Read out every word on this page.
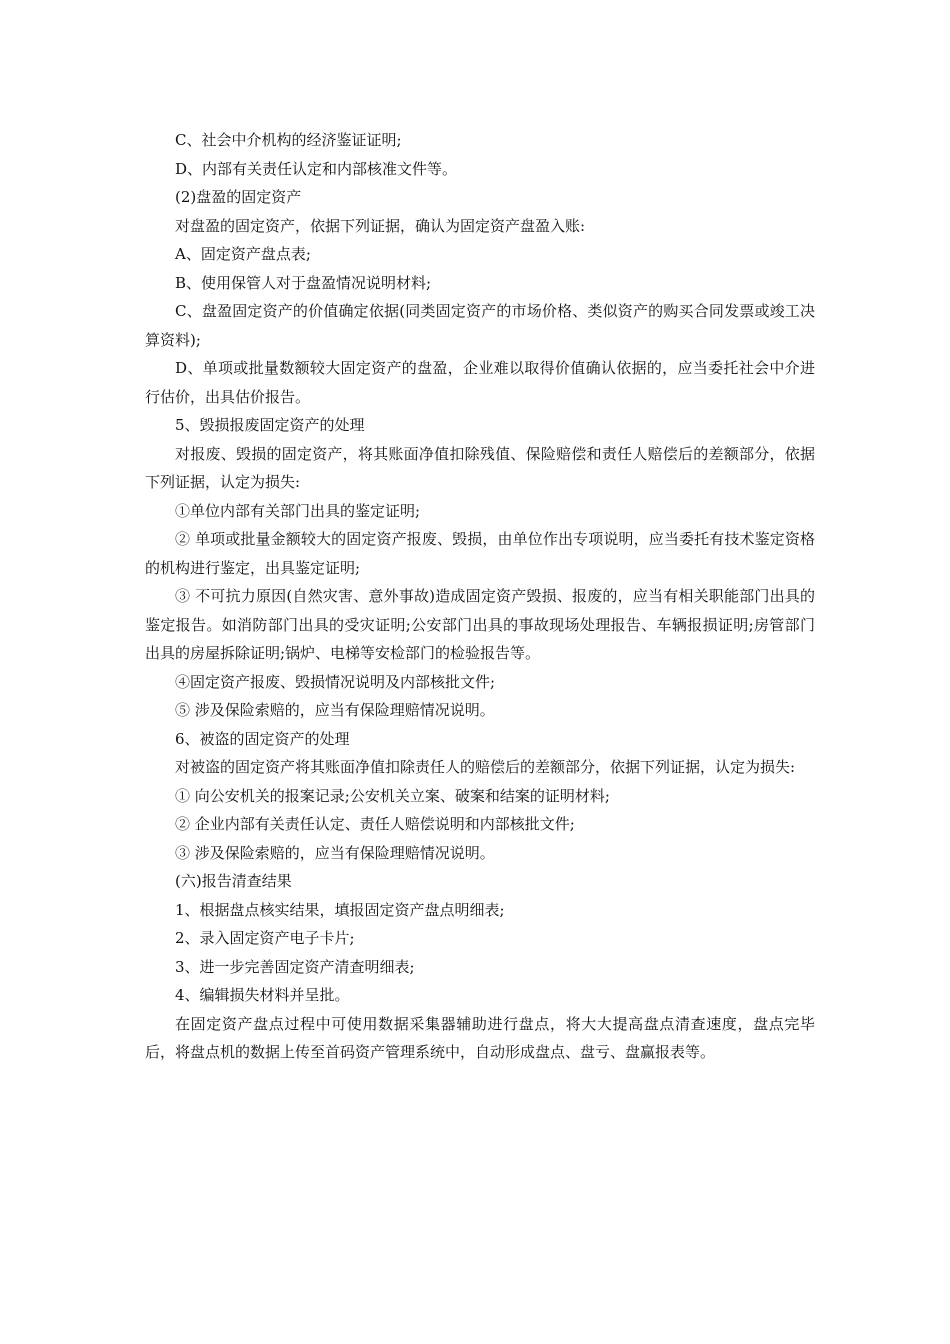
C、社会中介机构的经济鉴证证明;

D、内部有关责任认定和内部核准文件等。

(2)盘盈的固定资产

对盘盈的固定资产，依据下列证据，确认为固定资产盘盈入账:

A、固定资产盘点表;

B、使用保管人对于盘盈情况说明材料;

C、盘盈固定资产的价值确定依据(同类固定资产的市场价格、类似资产的购买合同发票或竣工决算资料);

D、单项或批量数额较大固定资产的盘盈，企业难以取得价值确认依据的，应当委托社会中介进行估价，出具估价报告。

5、毁损报废固定资产的处理

对报废、毁损的固定资产，将其账面净值扣除残值、保险赔偿和责任人赔偿后的差额部分，依据下列证据，认定为损失:

①单位内部有关部门出具的鉴定证明;

② 单项或批量金额较大的固定资产报废、毁损，由单位作出专项说明，应当委托有技术鉴定资格的机构进行鉴定，出具鉴定证明;

③ 不可抗力原因(自然灾害、意外事故)造成固定资产毁损、报废的，应当有相关职能部门出具的鉴定报告。如消防部门出具的受灾证明;公安部门出具的事故现场处理报告、车辆报损证明;房管部门出具的房屋拆除证明;锅炉、电梯等安检部门的检验报告等。

④固定资产报废、毁损情况说明及内部核批文件;

⑤ 涉及保险索赔的，应当有保险理赔情况说明。

6、被盗的固定资产的处理

对被盗的固定资产将其账面净值扣除责任人的赔偿后的差额部分，依据下列证据，认定为损失:

① 向公安机关的报案记录;公安机关立案、破案和结案的证明材料;

② 企业内部有关责任认定、责任人赔偿说明和内部核批文件;

③ 涉及保险索赔的，应当有保险理赔情况说明。

(六)报告清查结果

1、根据盘点核实结果，填报固定资产盘点明细表;

2、录入固定资产电子卡片;

3、进一步完善固定资产清查明细表;

4、编辑损失材料并呈批。

在固定资产盘点过程中可使用数据采集器辅助进行盘点，将大大提高盘点清查速度，盘点完毕后，将盘点机的数据上传至首码资产管理系统中，自动形成盘点、盘亏、盘赢报表等。
